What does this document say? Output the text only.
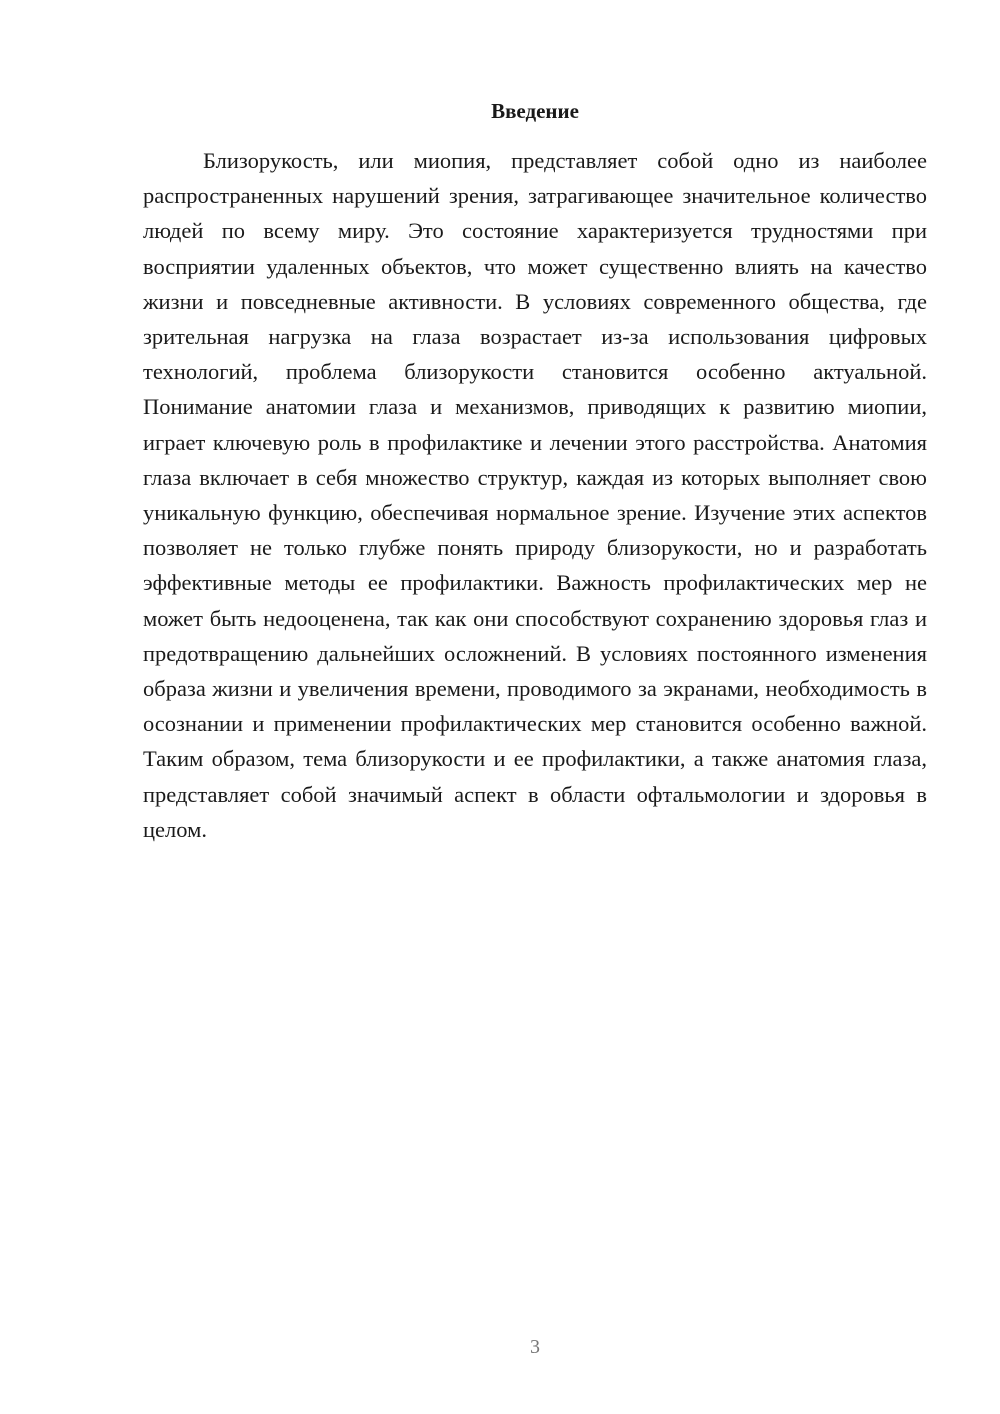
Введение

Близорукость, или миопия, представляет собой одно из наиболее распространенных нарушений зрения, затрагивающее значительное количество людей по всему миру. Это состояние характеризуется трудностями при восприятии удаленных объектов, что может существенно влиять на качество жизни и повседневные активности. В условиях современного общества, где зрительная нагрузка на глаза возрастает из-за использования цифровых технологий, проблема близорукости становится особенно актуальной. Понимание анатомии глаза и механизмов, приводящих к развитию миопии, играет ключевую роль в профилактике и лечении этого расстройства. Анатомия глаза включает в себя множество структур, каждая из которых выполняет свою уникальную функцию, обеспечивая нормальное зрение. Изучение этих аспектов позволяет не только глубже понять природу близорукости, но и разработать эффективные методы ее профилактики. Важность профилактических мер не может быть недооценена, так как они способствуют сохранению здоровья глаз и предотвращению дальнейших осложнений. В условиях постоянного изменения образа жизни и увеличения времени, проводимого за экранами, необходимость в осознании и применении профилактических мер становится особенно важной. Таким образом, тема близорукости и ее профилактики, а также анатомия глаза, представляет собой значимый аспект в области офтальмологии и здоровья в целом.

3
